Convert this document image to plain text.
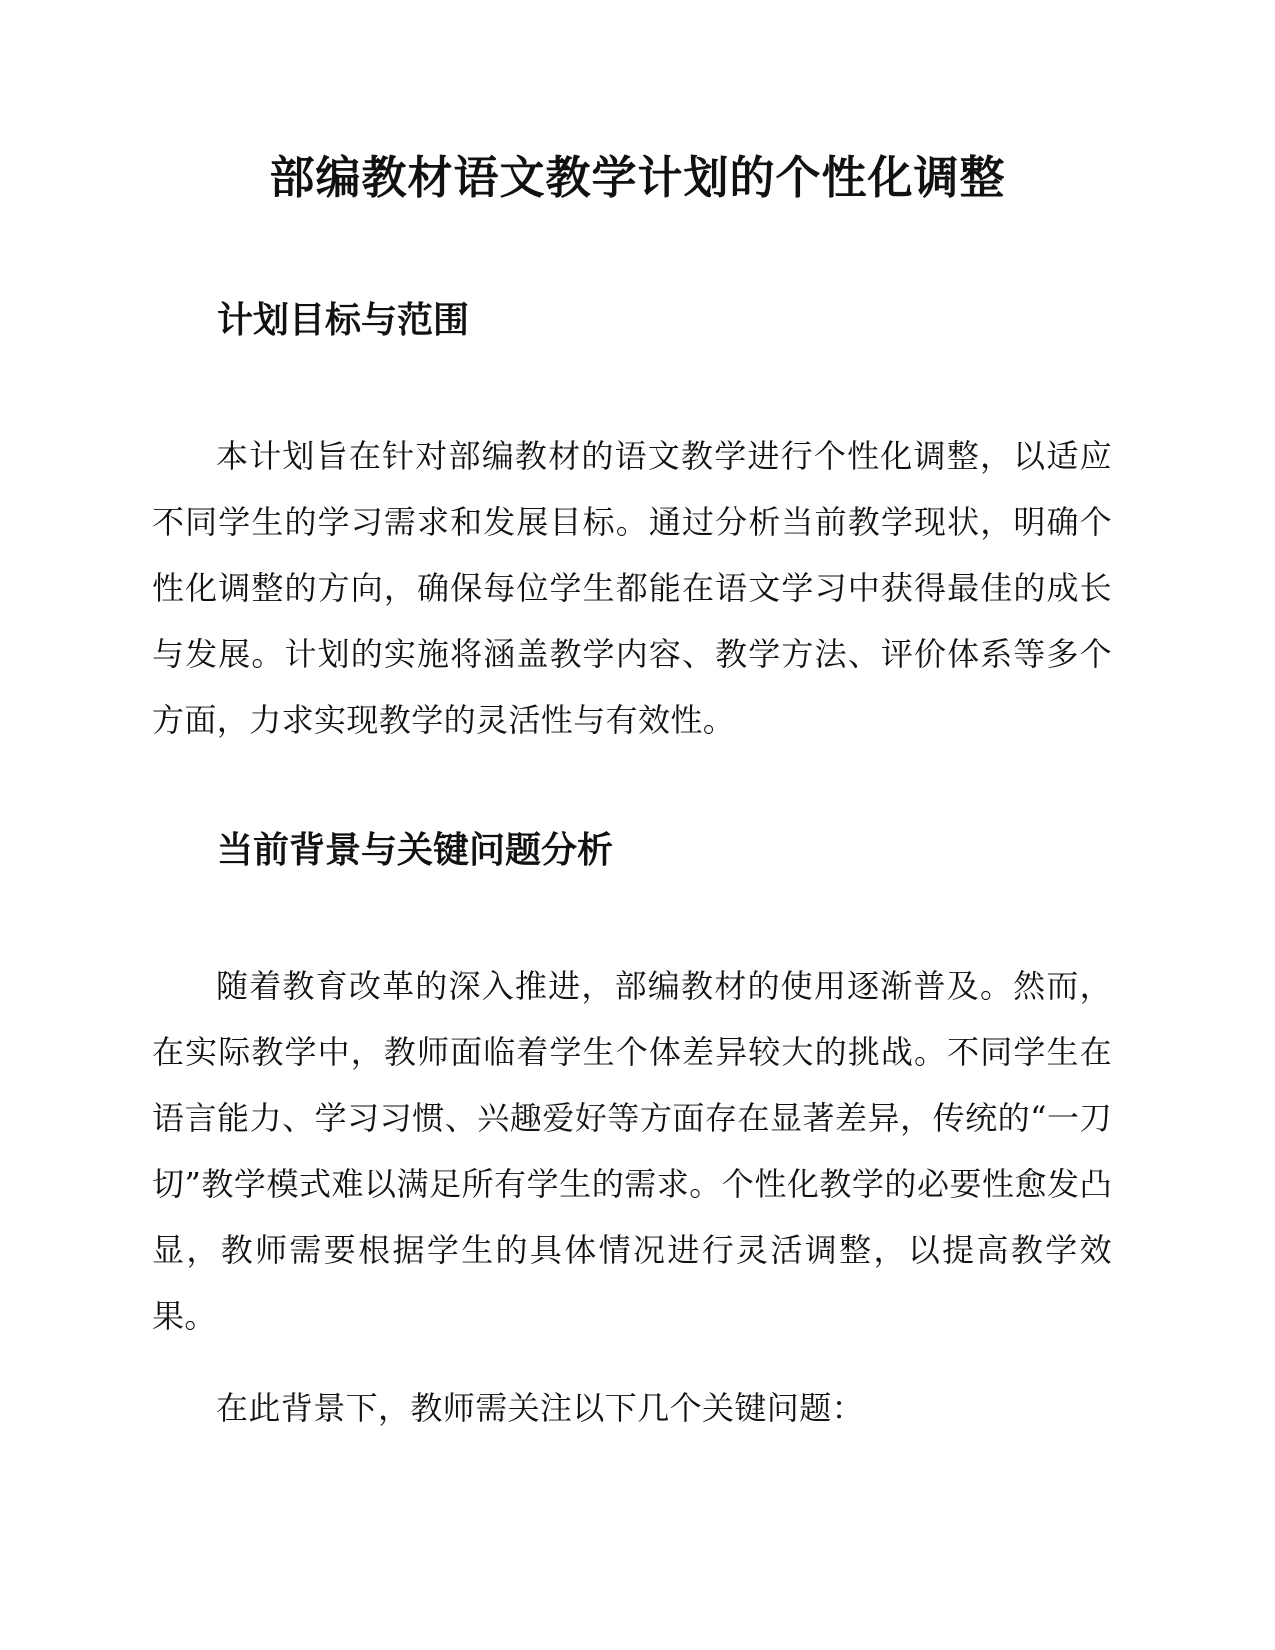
部编教材语文教学计划的个性化调整
计划目标与范围

本计划旨在针对部编教材的语文教学进行个性化调整，以适应不同学生的学习需求和发展目标。通过分析当前教学现状，明确个性化调整的方向，确保每位学生都能在语文学习中获得最佳的成长与发展。计划的实施将涵盖教学内容、教学方法、评价体系等多个方面，力求实现教学的灵活性与有效性。

当前背景与关键问题分析

随着教育改革的深入推进，部编教材的使用逐渐普及。然而，在实际教学中，教师面临着学生个体差异较大的挑战。不同学生在语言能力、学习习惯、兴趣爱好等方面存在显著差异，传统的“一刀切”教学模式难以满足所有学生的需求。个性化教学的必要性愈发凸显，教师需要根据学生的具体情况进行灵活调整，以提高教学效果。

在此背景下，教师需关注以下几个关键问题：
